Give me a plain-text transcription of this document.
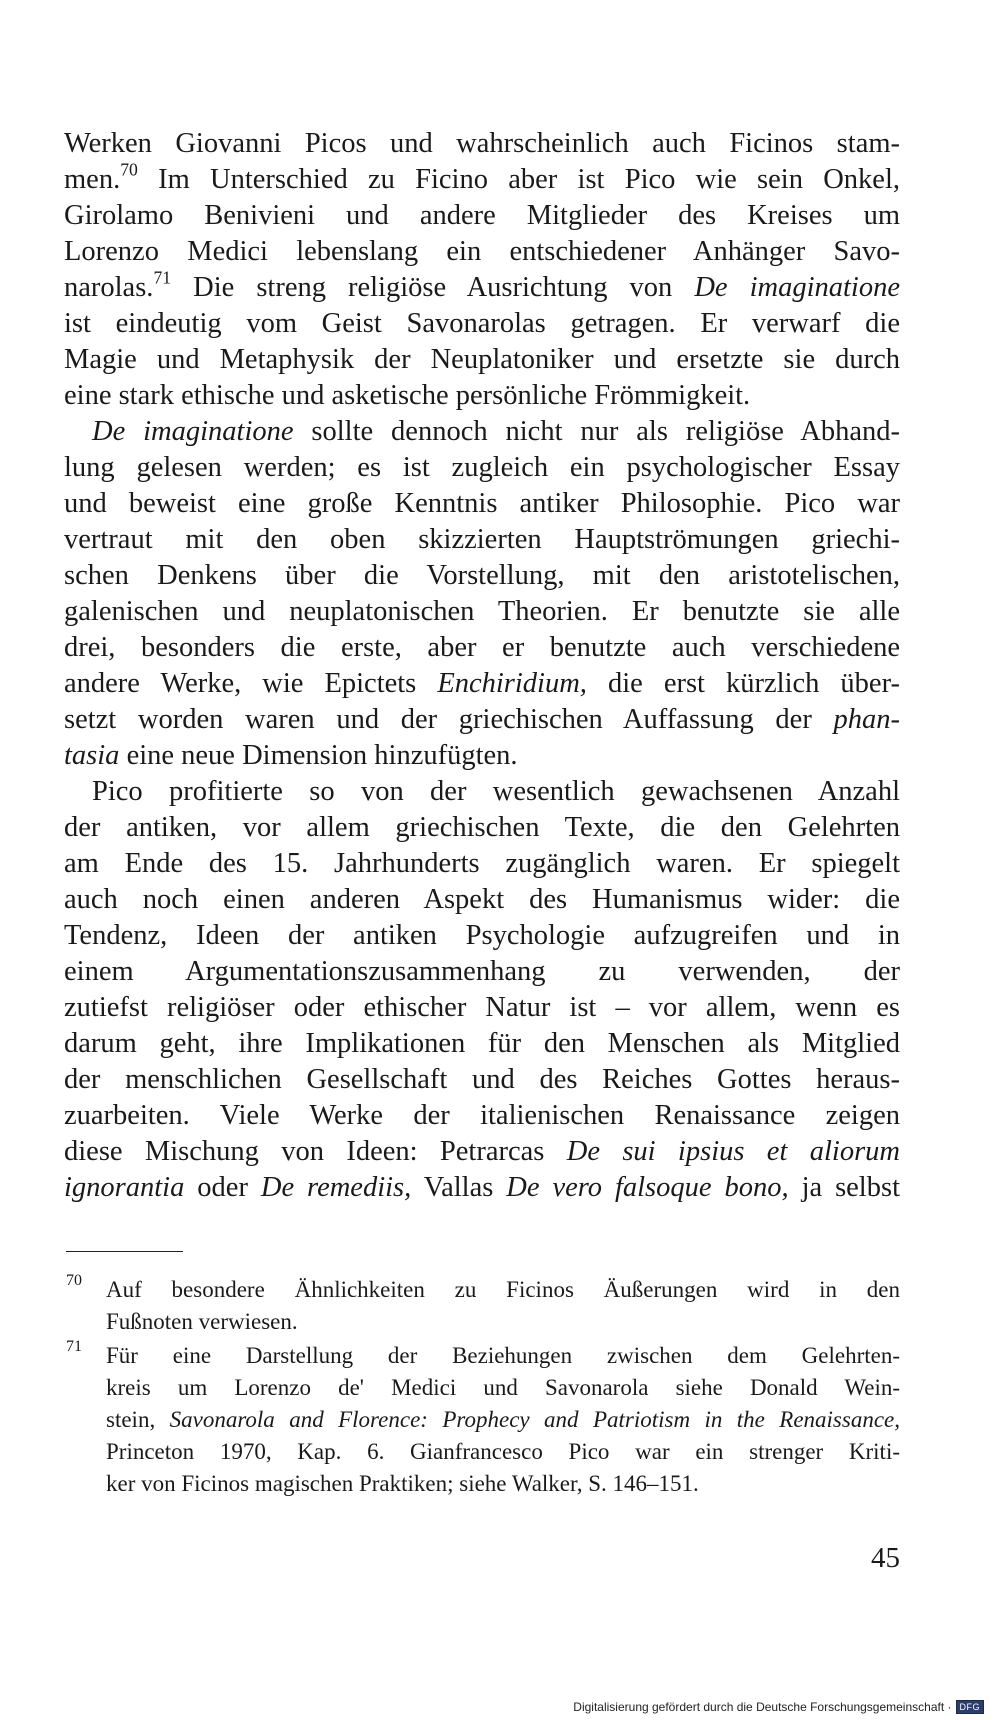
Werken Giovanni Picos und wahrscheinlich auch Ficinos stam-
men.$^{70}$ Im Unterschied zu Ficino aber ist Pico wie sein Onkel,
Girolamo Benivieni und andere Mitglieder des Kreises um
Lorenzo Medici lebenslang ein entschiedener Anhänger Savo-
narolas.$^{71}$ Die streng religiöse Ausrichtung von De imaginatione
ist eindeutig vom Geist Savonarolas getragen. Er verwarf die
Magie und Metaphysik der Neuplatoniker und ersetzte sie durch
eine stark ethische und asketische persönliche Frömmigkeit.
De imaginatione sollte dennoch nicht nur als religiöse Abhand-
lung gelesen werden; es ist zugleich ein psychologischer Essay
und beweist eine große Kenntnis antiker Philosophie. Pico war
vertraut mit den oben skizzierten Hauptströmungen griechi-
schen Denkens über die Vorstellung, mit den aristotelischen,
galenischen und neuplatonischen Theorien. Er benutzte sie alle
drei, besonders die erste, aber er benutzte auch verschiedene
andere Werke, wie Epictets Enchiridium, die erst kürzlich über-
setzt worden waren und der griechischen Auffassung der phan-
tasia eine neue Dimension hinzufügten.
Pico profitierte so von der wesentlich gewachsenen Anzahl
der antiken, vor allem griechischen Texte, die den Gelehrten
am Ende des 15. Jahrhunderts zugänglich waren. Er spiegelt
auch noch einen anderen Aspekt des Humanismus wider: die
Tendenz, Ideen der antiken Psychologie aufzugreifen und in
einem Argumentationszusammenhang zu verwenden, der
zutiefst religiöser oder ethischer Natur ist – vor allem, wenn es
darum geht, ihre Implikationen für den Menschen als Mitglied
der menschlichen Gesellschaft und des Reiches Gottes heraus-
zuarbeiten. Viele Werke der italienischen Renaissance zeigen
diese Mischung von Ideen: Petrarcas De sui ipsius et aliorum
ignorantia oder De remediis, Vallas De vero falsoque bono, ja selbst
70 Auf besondere Ähnlichkeiten zu Ficinos Äußerungen wird in den
Fußnoten verwiesen.
71 Für eine Darstellung der Beziehungen zwischen dem Gelehrten-
kreis um Lorenzo de' Medici und Savonarola siehe Donald Wein-
stein, Savonarola and Florence: Prophecy and Patriotism in the Renaissance,
Princeton 1970, Kap. 6. Gianfrancesco Pico war ein strenger Kriti-
ker von Ficinos magischen Praktiken; siehe Walker, S. 146–151.
45
Digitalisierung gefördert durch die Deutsche Forschungsgemeinschaft · DFG
